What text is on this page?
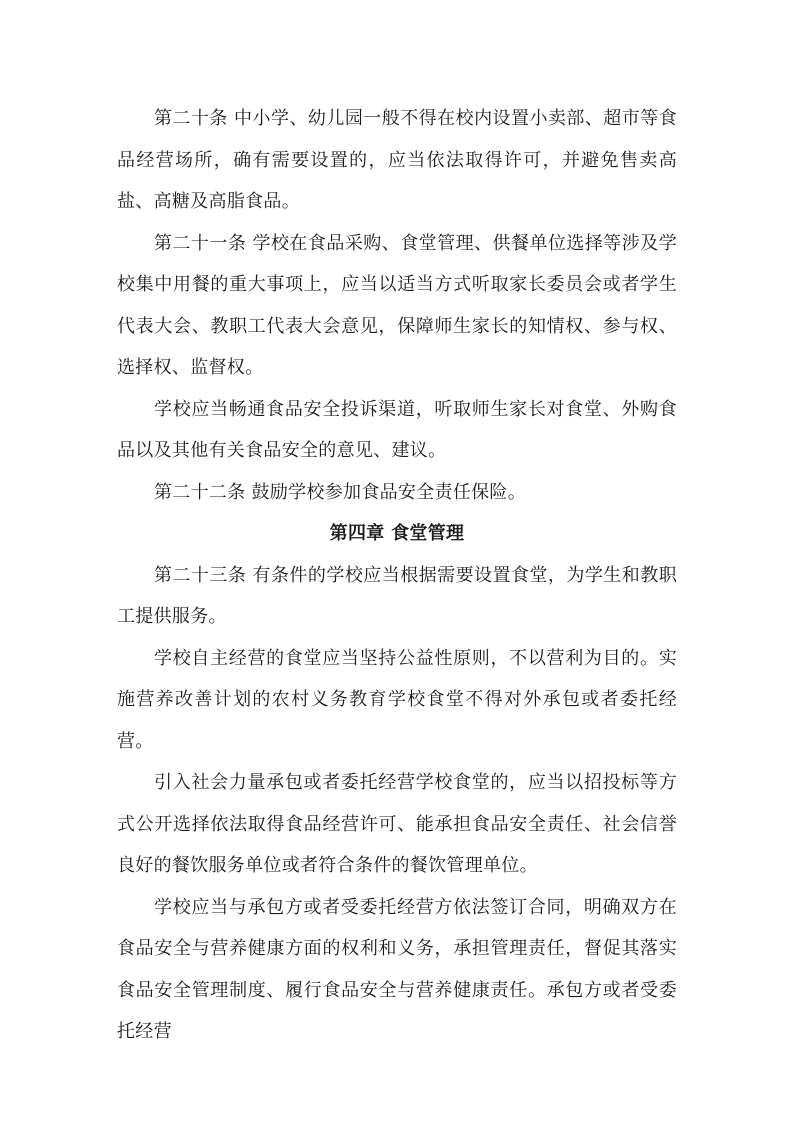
第二十条 中小学、幼儿园一般不得在校内设置小卖部、超市等食品经营场所，确有需要设置的，应当依法取得许可，并避免售卖高盐、高糖及高脂食品。

第二十一条 学校在食品采购、食堂管理、供餐单位选择等涉及学校集中用餐的重大事项上，应当以适当方式听取家长委员会或者学生代表大会、教职工代表大会意见，保障师生家长的知情权、参与权、选择权、监督权。

学校应当畅通食品安全投诉渠道，听取师生家长对食堂、外购食品以及其他有关食品安全的意见、建议。

第二十二条 鼓励学校参加食品安全责任保险。

第四章 食堂管理

第二十三条 有条件的学校应当根据需要设置食堂，为学生和教职工提供服务。

学校自主经营的食堂应当坚持公益性原则，不以营利为目的。实施营养改善计划的农村义务教育学校食堂不得对外承包或者委托经营。

引入社会力量承包或者委托经营学校食堂的，应当以招投标等方式公开选择依法取得食品经营许可、能承担食品安全责任、社会信誉良好的餐饮服务单位或者符合条件的餐饮管理单位。

学校应当与承包方或者受委托经营方依法签订合同，明确双方在食品安全与营养健康方面的权利和义务，承担管理责任，督促其落实食品安全管理制度、履行食品安全与营养健康责任。承包方或者受委托经营
